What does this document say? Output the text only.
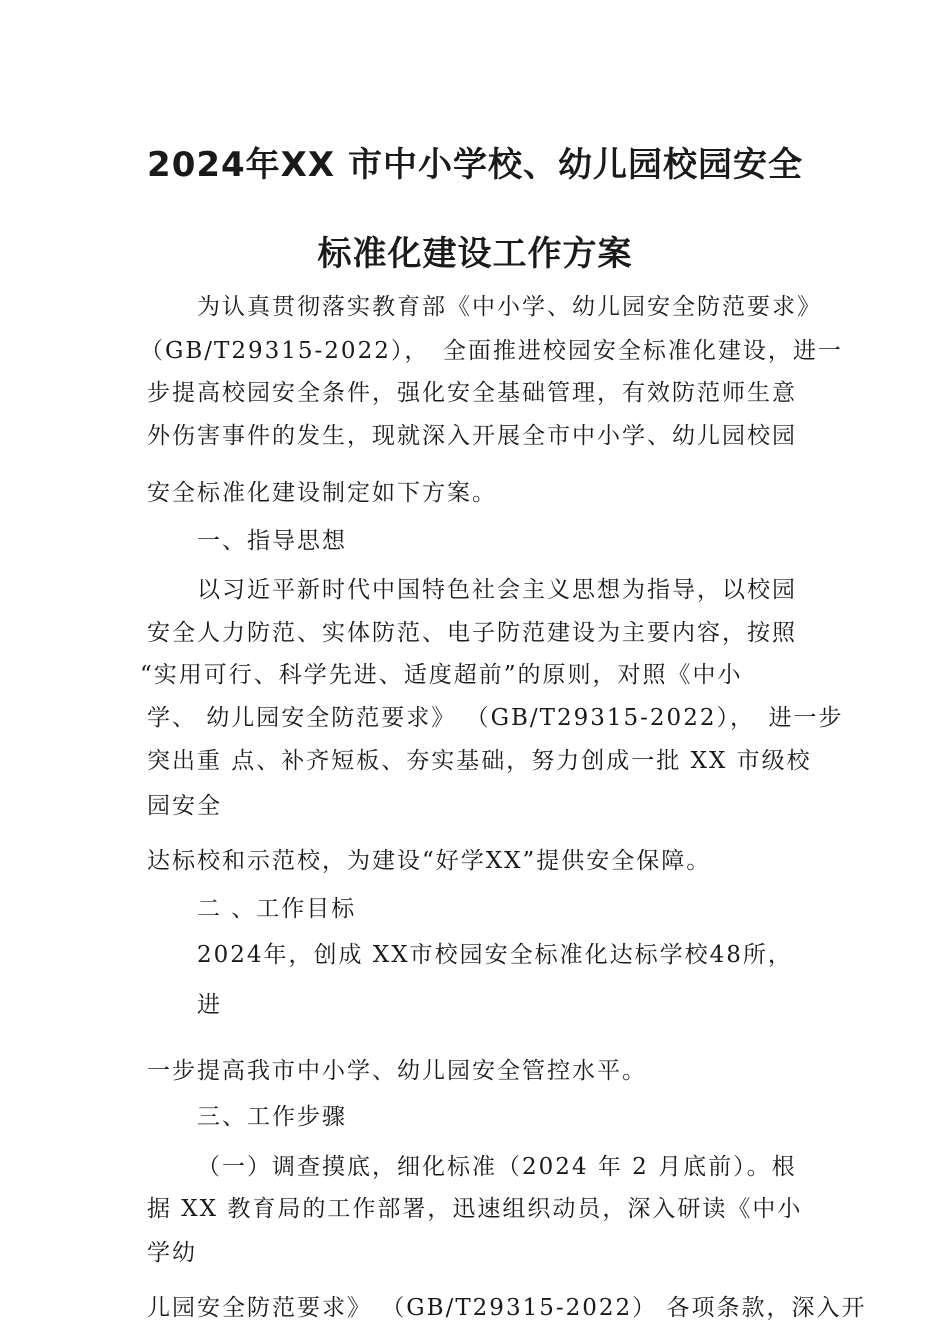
2024年XX 市中小学校、幼儿园校园安全
标准化建设工作方案
为认真贯彻落实教育部《中小学、幼儿园安全防范要求》
（GB/T29315-2022），　全面推进校园安全标准化建设，进一
步提高校园安全条件，强化安全基础管理，有效防范师生意
外伤害事件的发生，现就深入开展全市中小学、幼儿园校园
安全标准化建设制定如下方案。
一、指导思想
以习近平新时代中国特色社会主义思想为指导，以校园
安全人力防范、实体防范、电子防范建设为主要内容，按照
“实用可行、科学先进、适度超前”的原则，对照《中小
学、 幼儿园安全防范要求》 （GB/T29315-2022），　进一步
突出重 点、补齐短板、夯实基础，努力创成一批 XX 市级校
园安全
达标校和示范校，为建设“好学XX”提供安全保障。
二 、工作目标
2024年，创成 XX市校园安全标准化达标学校48所，
进
一步提高我市中小学、幼儿园安全管控水平。
三、工作步骤
（一）调查摸底，细化标准（2024 年 2 月底前）。根
据 XX 教育局的工作部署，迅速组织动员，深入研读《中小
学幼
儿园安全防范要求》 （GB/T29315-2022） 各项条款，深入开
